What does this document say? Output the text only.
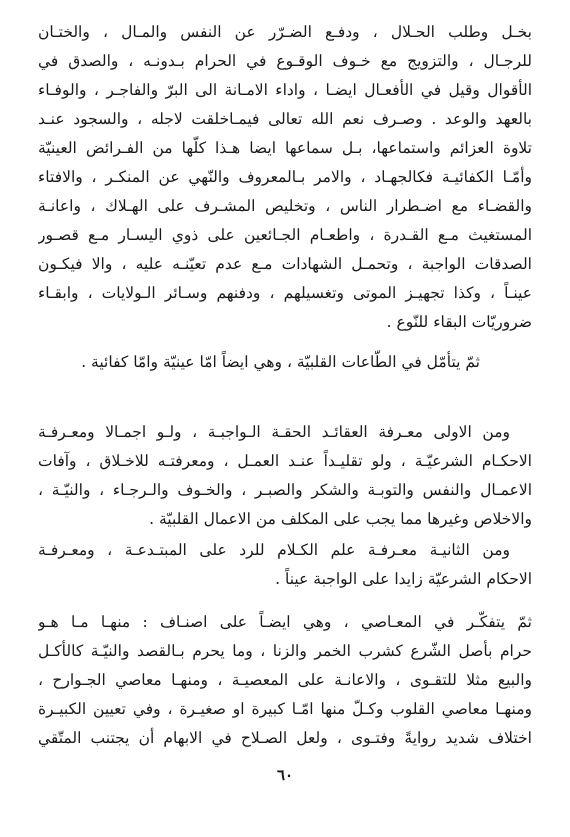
بخـل وطلب الحـلال ، ودفـع الضـرّر عن النفس والمـال ، والختـان
للرجـال ، والتزويج مع خـوف الوقـوع في الحرام بـدونـه ، والصدق في
الأقوال وقيل في الأفعـال ايضـا ، واداء الامـانة الى البرّ والفاجـر ، والوفـاء
بالعهد والوعد . وصـرف نعم الله تعالى فيمـاخلقت لاجله ، والسجود عنـد
تلاوة العزائم واستماعها، بـل سماعها ايضا هـذا كلّها من الفـرائض العينيّة
وأمّـا الكفائيـة فكالجهـاد ، والامر بـالمعروف والنّهي عن المنكـر ، والافتاء
والقضـاء مع اضـطرار الناس ، وتخليص المشـرف على الهـلاك ، واعانـة
المستغيث مـع القـدرة ، واطعـام الجـائعين على ذوي اليسـار مـع قصـور
الصدقات الواجبة ، وتحمـل الشهادات مـع عدم تعيّنـه عليه ، والا فيكـون
عينـاً ، وكذا تجهيـز الموتى وتغسيلهم ، ودفنهم وسـائر الـولايات ، وابقـاء
ضروريّات البقاء للنّوع .
ثمّ يتأمّل في الطّاعات القلبيّة ، وهي ايضاً امّا عينيّة وامّا كفائية .
ومن الاولى معـرفة العقائـد الحقـة الـواجبـة ، ولـو اجمـالا ومعـرفـة
الاحكـام الشرعيّـة ، ولو تقليـداً عنـد العمـل ، ومعرفتـه للاخـلاق ، وآفات
الاعمـال والنفس والتوبـة والشكر والصبـر ، والخـوف والـرجـاء ، والنيّـة ،
والاخلاص وغيرها مما يجب على المكلف من الاعمال القلبيّة .
ومن الثانيـة معـرفـة علم الكـلام للرد على المبتـدعـة ، ومعـرفـة
الاحكام الشرعيّة زايدا على الواجبة عيناً .
ثمّ يتفكّـر في المعـاصي ، وهي ايضـاً على اصنـاف : منهـا مـا هـو
حرام بأصل الشّرع كشرب الخمر والزنا ، وما يحرم بـالقصد والنيّـة كالأكـل
والبيع مثلا للتقـوى ، والاعانـة على المعصيـة ، ومنهـا معاصي الجـوارح ،
ومنهـا معاصي القلوب وكـلّ منها امّـا كبيرة او صغيـرة ، وفي تعيين الكبيـرة
اختلاف شديد روايةً وفتـوى ، ولعل الصـلاح في الابهام أن يجتنب المتّقي
٦٠
